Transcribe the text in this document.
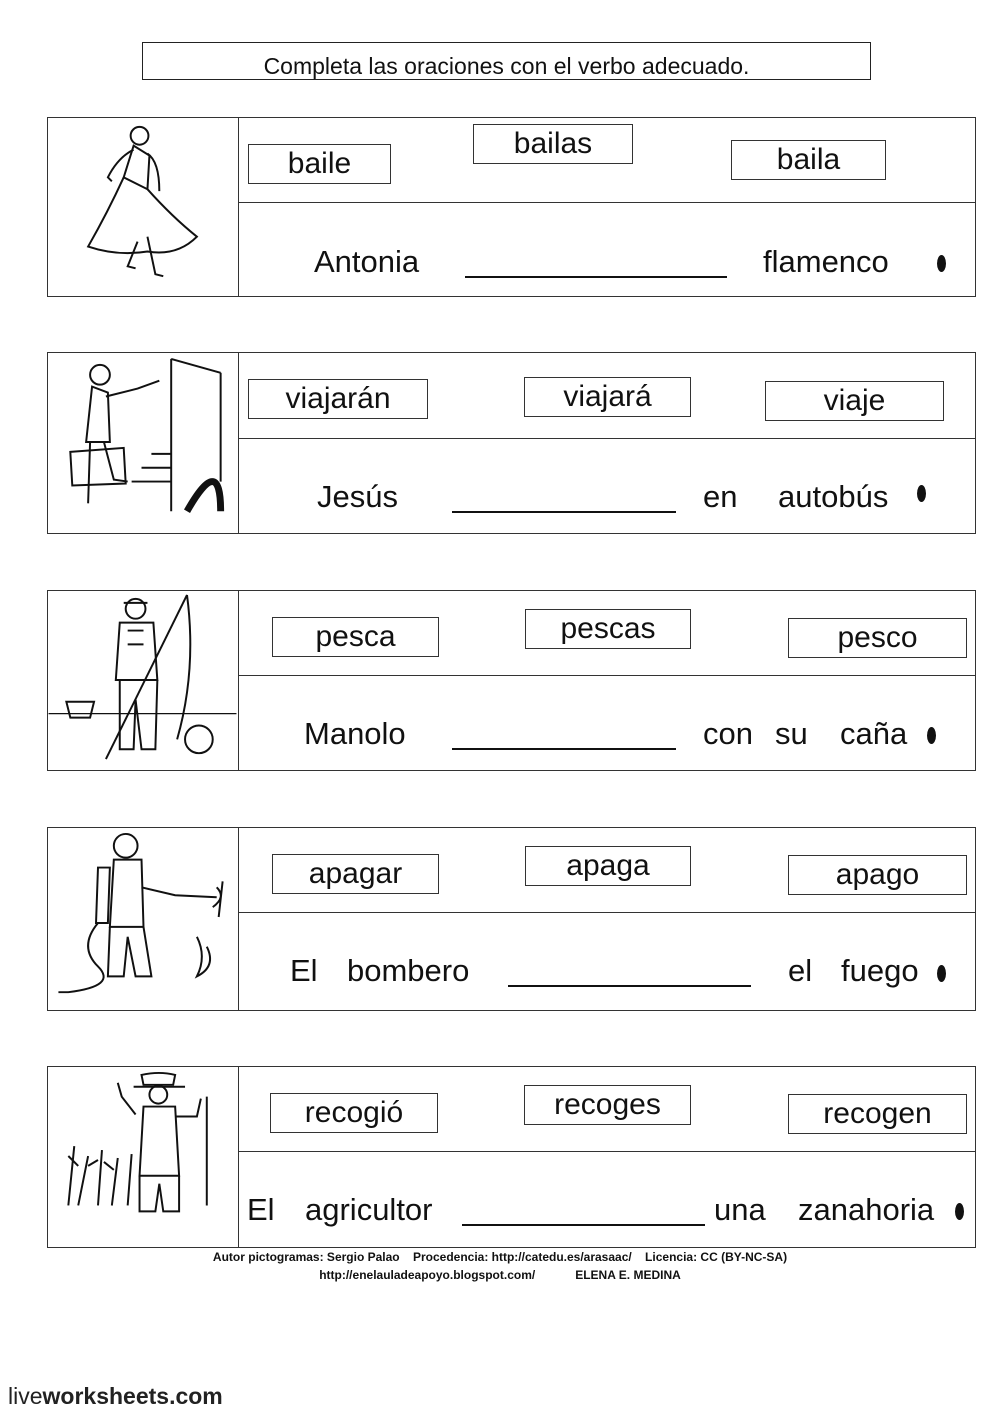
Completa las oraciones con el verbo adecuado.
baile
bailas	baila
Antonia	flamenco
viajarán	viajará	viaje
Jesús	en autobús
pesca	pescas	pesco
Manolo	con su caña
apagar	apaga	apago
El bombero	el fuego
recogió	recoges	recogen
El agricultor	una zanahoria
Autor pictogramas: Sergio Palao    Procedencia: http://catedu.es/arasaac/    Licencia: CC (BY-NC-SA)
http://enelauladeapoyo.blogspot.com/            ELENA E. MEDINA
liveworksheets.com
